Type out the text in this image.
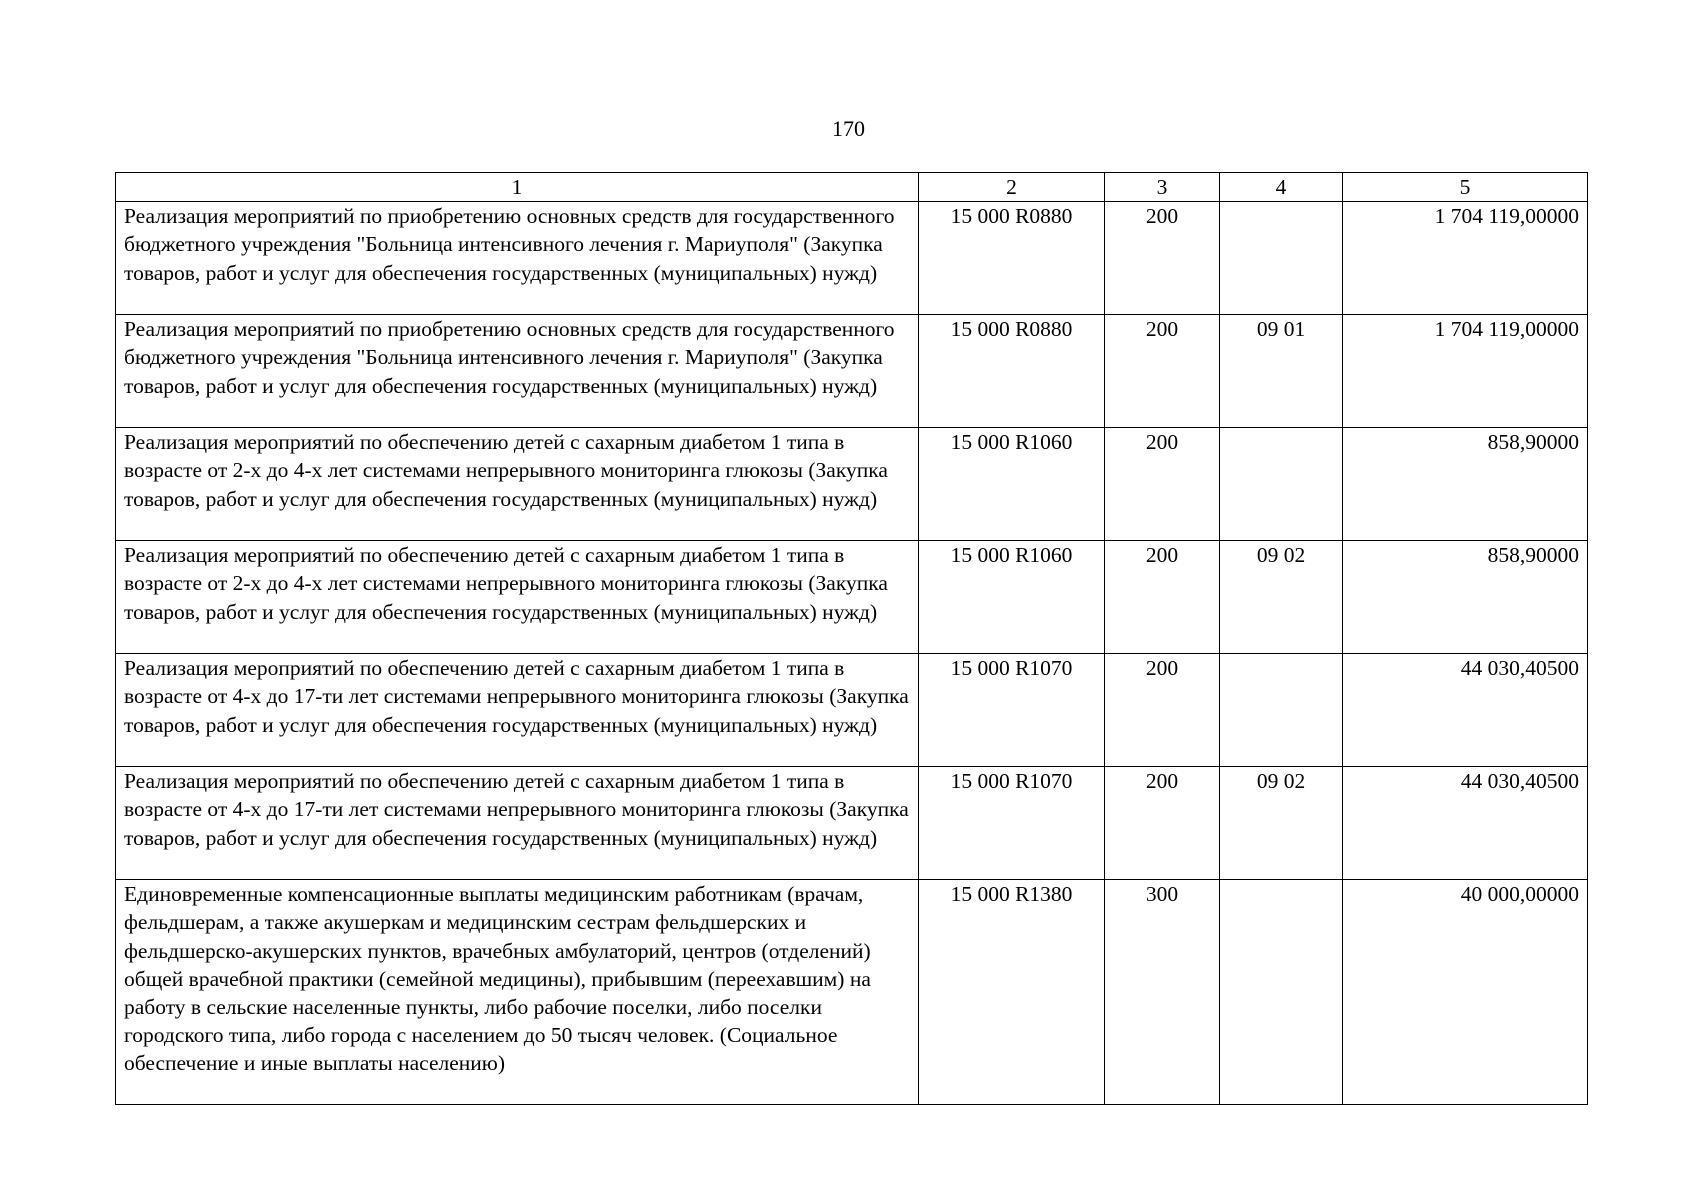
170
1	2	3	4	5
Реализация мероприятий по приобретению основных средств для государственного бюджетного учреждения "Больница интенсивного лечения г. Мариуполя" (Закупка товаров, работ и услуг для обеспечения государственных (муниципальных) нужд)	15 000 R0880	200		1 704 119,00000
Реализация мероприятий по приобретению основных средств для государственного бюджетного учреждения "Больница интенсивного лечения г. Мариуполя" (Закупка товаров, работ и услуг для обеспечения государственных (муниципальных) нужд)	15 000 R0880	200	09 01	1 704 119,00000
Реализация мероприятий по обеспечению детей с сахарным диабетом 1 типа в возрасте от 2-х до 4-х лет системами непрерывного мониторинга глюкозы (Закупка товаров, работ и услуг для обеспечения государственных (муниципальных) нужд)	15 000 R1060	200		858,90000
Реализация мероприятий по обеспечению детей с сахарным диабетом 1 типа в возрасте от 2-х до 4-х лет системами непрерывного мониторинга глюкозы (Закупка товаров, работ и услуг для обеспечения государственных (муниципальных) нужд)	15 000 R1060	200	09 02	858,90000
Реализация мероприятий по обеспечению детей с сахарным диабетом 1 типа в возрасте от 4-х до 17-ти лет системами непрерывного мониторинга глюкозы (Закупка товаров, работ и услуг для обеспечения государственных (муниципальных) нужд)	15 000 R1070	200		44 030,40500
Реализация мероприятий по обеспечению детей с сахарным диабетом 1 типа в возрасте от 4-х до 17-ти лет системами непрерывного мониторинга глюкозы (Закупка товаров, работ и услуг для обеспечения государственных (муниципальных) нужд)	15 000 R1070	200	09 02	44 030,40500
Единовременные компенсационные выплаты медицинским работникам (врачам, фельдшерам, а также акушеркам и медицинским сестрам фельдшерских и фельдшерско-акушерских пунктов, врачебных амбулаторий, центров (отделений) общей врачебной практики (семейной медицины), прибывшим (переехавшим) на работу в сельские населенные пункты, либо рабочие поселки, либо поселки городского типа, либо города с населением до 50 тысяч человек. (Социальное обеспечение и иные выплаты населению)	15 000 R1380	300		40 000,00000
